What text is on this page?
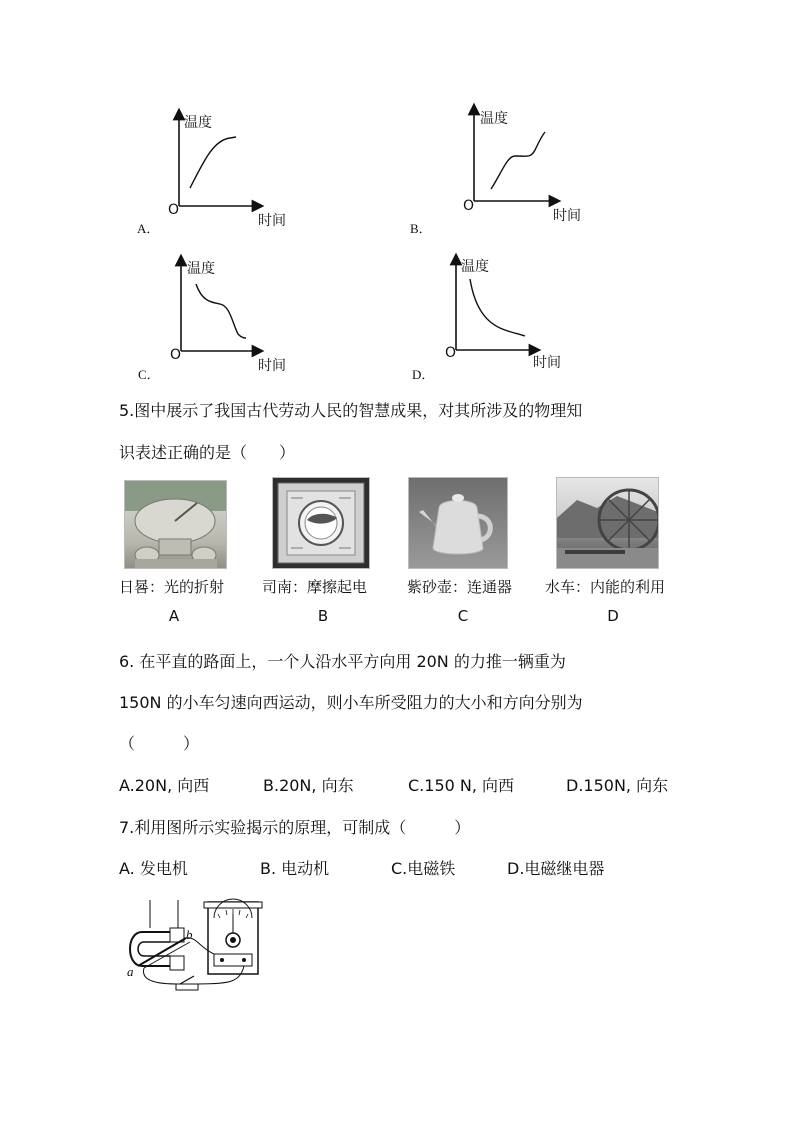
温度
时间
O
A．
温度
时间
O
B．
温度
时间
O
C．
温度
时间
O
D．
5.图中展示了我国古代劳动人民的智慧成果，对其所涉及的物理知
识表述正确的是（　　）
日晷：光的折射	司南：摩擦起电	紫砂壶：连通器 水车：内能的利用
A	B	C	D
6. 在平直的路面上，一个人沿水平方向用 20N 的力推一辆重为
150N 的小车匀速向西运动，则小车所受阻力的大小和方向分别为
（　　　）
A.20N, 向西	B.20N, 向东	C.150 N, 向西	D.150N, 向东
7.利用图所示实验揭示的原理，可制成（　　　）
A. 发电机	B. 电动机	C.电磁铁	D.电磁继电器
a
b
